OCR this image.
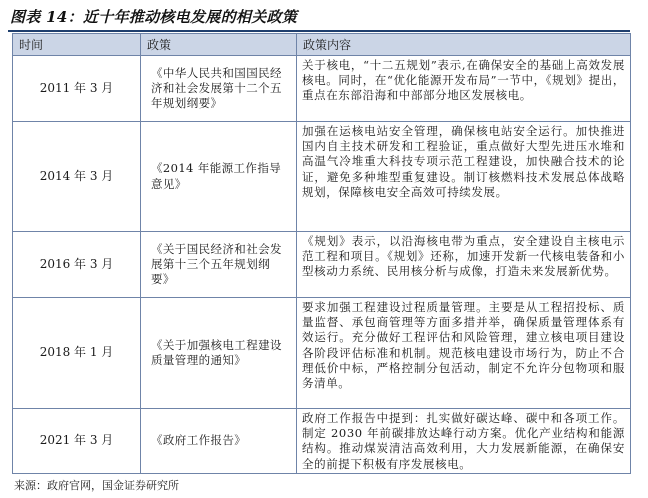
图表 14：近十年推动核电发展的相关政策
时间	政策	政策内容
2011 年 3 月	《中华人民共和国国民经济和社会发展第十二个五年规划纲要》	关于核电，“十二五规划”表示,在确保安全的基础上高效发展核电。同时，在“优化能源开发布局”一节中，《规划》提出，重点在东部沿海和中部部分地区发展核电。
2014 年 3 月	《2014 年能源工作指导意见》	加强在运核电站安全管理，确保核电站安全运行。加快推进国内自主技术研发和工程验证，重点做好大型先进压水堆和高温气冷堆重大科技专项示范工程建设，加快融合技术的论证，避免多种堆型重复建设。制订核燃料技术发展总体战略规划，保障核电安全高效可持续发展。
2016 年 3 月	《关于国民经济和社会发展第十三个五年规划纲要》	《规划》表示，以沿海核电带为重点，安全建设自主核电示范工程和项目。《规划》还称，加速开发新一代核电装备和小型核动力系统、民用核分析与成像，打造未来发展新优势。
2018 年 1 月	《关于加强核电工程建设质量管理的通知》	要求加强工程建设过程质量管理。主要是从工程招投标、质量监督、承包商管理等方面多措并举，确保质量管理体系有效运行。充分做好工程评估和风险管理，建立核电项目建设各阶段评估标准和机制。规范核电建设市场行为，防止不合理低价中标，严格控制分包活动，制定不允许分包物项和服务清单。
2021 年 3 月	《政府工作报告》	政府工作报告中提到：扎实做好碳达峰、碳中和各项工作。制定 2030 年前碳排放达峰行动方案。优化产业结构和能源结构。推动煤炭清洁高效利用，大力发展新能源，在确保安全的前提下积极有序发展核电。
来源：政府官网，国金证券研究所
